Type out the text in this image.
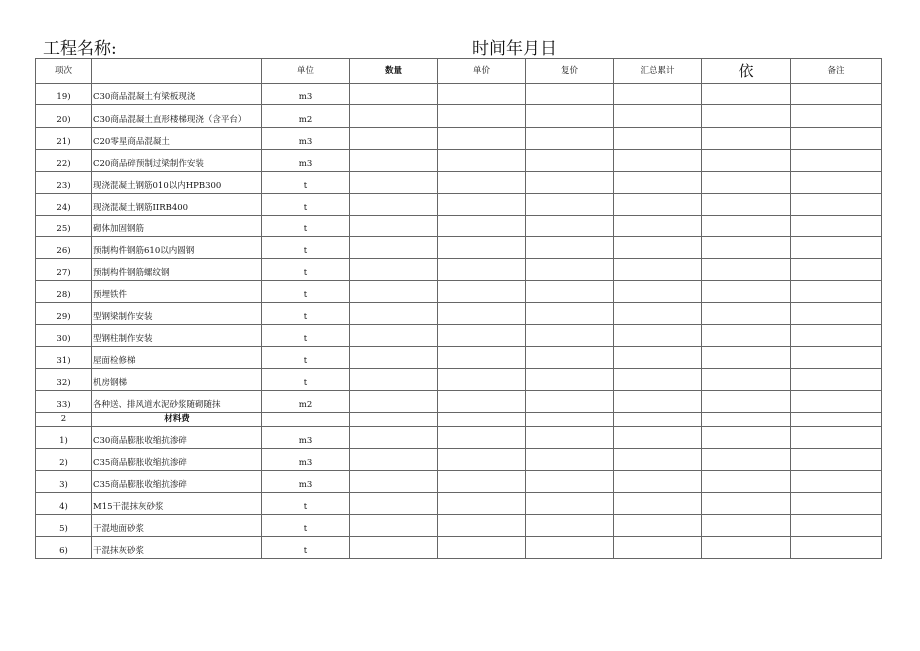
工程名称:	时间年月日
项次		单位	数量	单价	复价	汇总累计	依	备注
19)	C30商品混凝土有梁板现浇	m3						
20)	C30商品混凝土直形楼梯现浇（含平台）	m2						
21)	C20零星商品混凝土	m3						
22)	C20商品碎预制过梁制作安装	m3						
23)	现浇混凝土钢筋010以内HPB300	t						
24)	现浇混凝土钢筋IIRB400	t						
25)	砌体加固钢筋	t						
26)	预制构件钢筋610以内圆钢	t						
27)	预制构件钢筋螺纹钢	t						
28)	预埋铁件	t						
29)	型钢梁制作安装	t						
30)	型钢柱制作安装	t						
31)	屋面检修梯	t						
32)	机房钢梯	t						
33)	各种送、排风道水泥砂浆随砌随抹	m2						
2	材料费							
1)	C30商品膨胀收缩抗渗碎	m3						
2)	C35商品膨胀收缩抗渗碎	m3						
3)	C35商品膨胀收缩抗渗碎	m3						
4)	M15干混抹灰砂浆	t						
5)	干混地面砂浆	t						
6)	干混抹灰砂浆	t						
